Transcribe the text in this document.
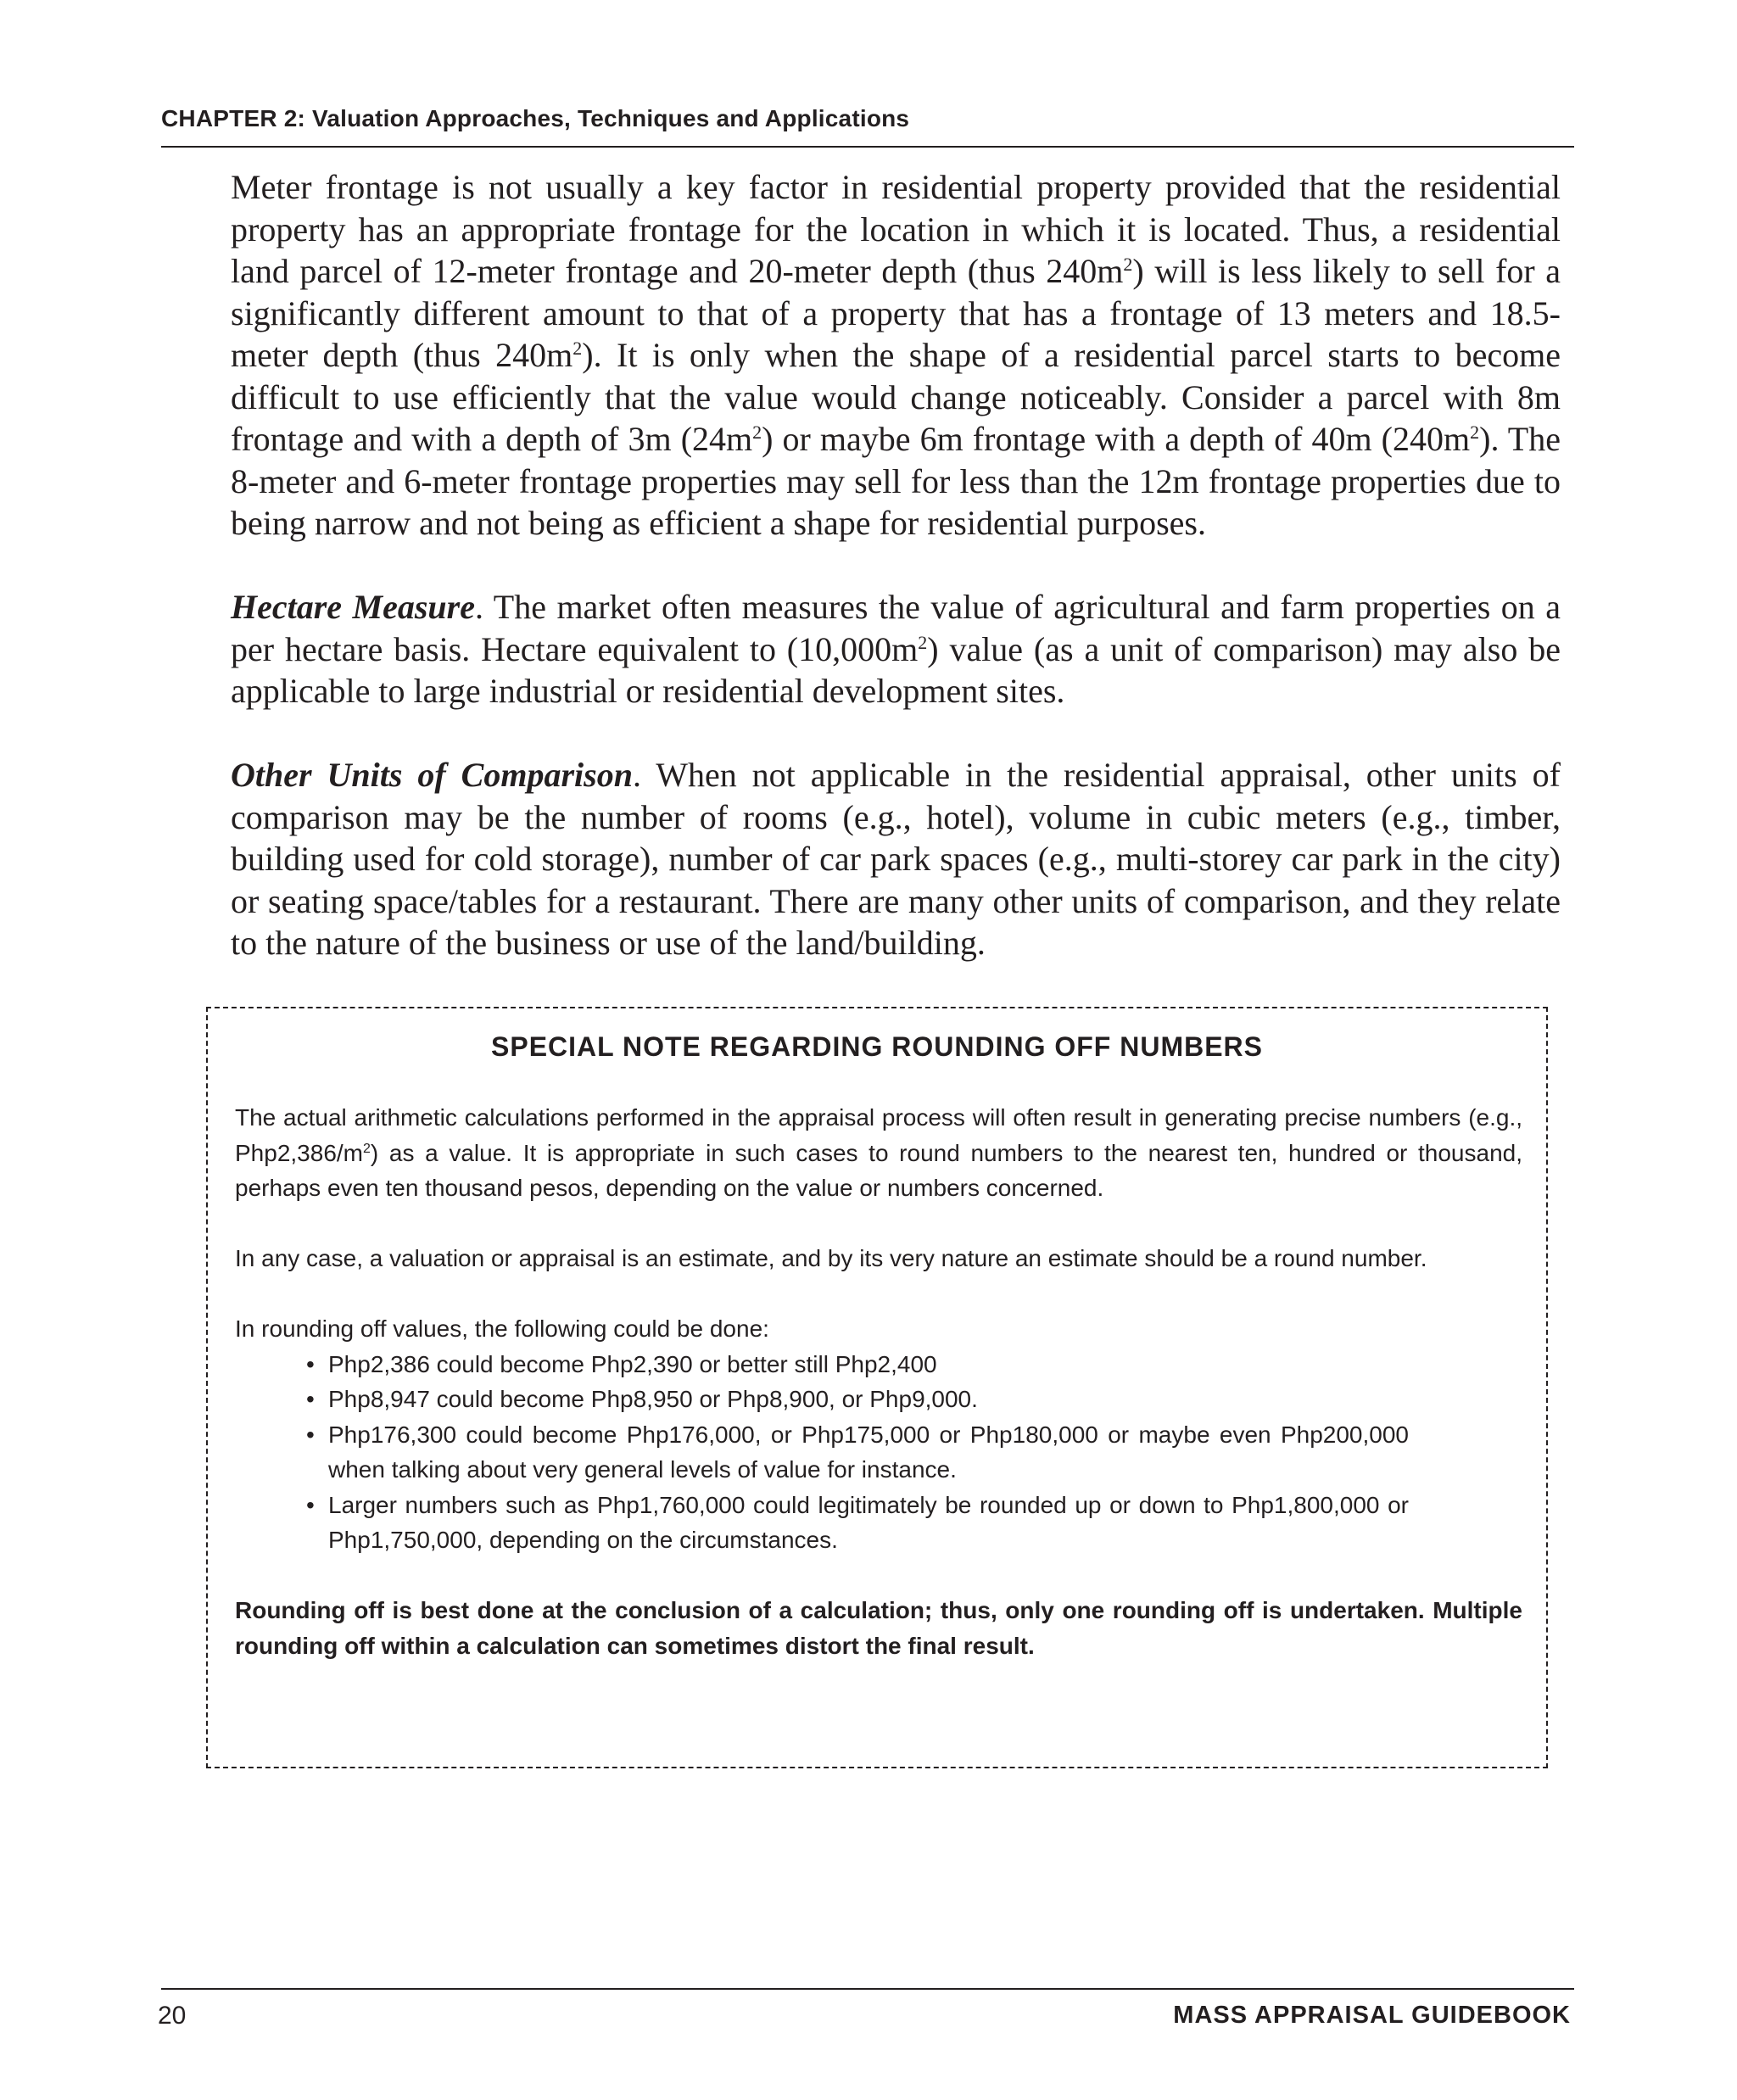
CHAPTER 2: Valuation Approaches, Techniques and Applications

Meter frontage is not usually a key factor in residential property provided that the residential property has an appropriate frontage for the location in which it is located. Thus, a residential land parcel of 12-meter frontage and 20-meter depth (thus $240m^2$) will is less likely to sell for a significantly different amount to that of a property that has a frontage of 13 meters and 18.5-meter depth (thus $240m^2$). It is only when the shape of a residential parcel starts to become difficult to use efficiently that the value would change noticeably. Consider a parcel with 8m frontage and with a depth of 3m $(24m^2)$ or maybe 6m frontage with a depth of 40m $(240m^2)$. The 8-meter and 6-meter frontage properties may sell for less than the 12m frontage properties due to being narrow and not being as efficient a shape for residential purposes.

Hectare Measure. The market often measures the value of agricultural and farm properties on a per hectare basis. Hectare equivalent to $(10,000m^2)$ value (as a unit of comparison) may also be applicable to large industrial or residential development sites.

Other Units of Comparison. When not applicable in the residential appraisal, other units of comparison may be the number of rooms (e.g., hotel), volume in cubic meters (e.g., timber, building used for cold storage), number of car park spaces (e.g., multi-storey car park in the city) or seating space/tables for a restaurant. There are many other units of comparison, and they relate to the nature of the business or use of the land/building.

SPECIAL NOTE REGARDING ROUNDING OFF NUMBERS

The actual arithmetic calculations performed in the appraisal process will often result in generating precise numbers (e.g., $Php2,386/m^2$) as a value. It is appropriate in such cases to round numbers to the nearest ten, hundred or thousand, perhaps even ten thousand pesos, depending on the value or numbers concerned.

In any case, a valuation or appraisal is an estimate, and by its very nature an estimate should be a round number.

In rounding off values, the following could be done:
• Php2,386 could become Php2,390 or better still Php2,400
• Php8,947 could become Php8,950 or Php8,900, or Php9,000.
• Php176,300 could become Php176,000, or Php175,000 or Php180,000 or maybe even Php200,000 when talking about very general levels of value for instance.
• Larger numbers such as Php1,760,000 could legitimately be rounded up or down to Php1,800,000 or Php1,750,000, depending on the circumstances.

Rounding off is best done at the conclusion of a calculation; thus, only one rounding off is undertaken. Multiple rounding off within a calculation can sometimes distort the final result.

20	MASS APPRAISAL GUIDEBOOK
